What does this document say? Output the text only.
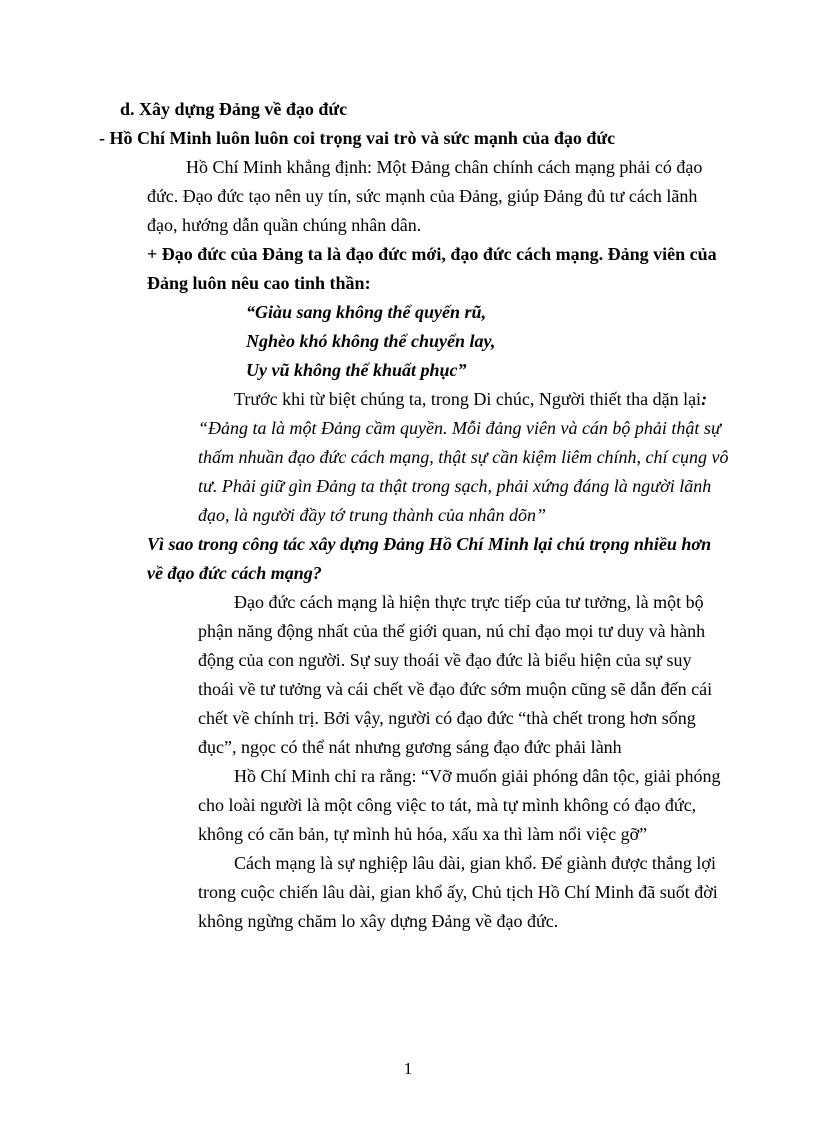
d. Xây dựng Đảng về đạo đức
- Hồ Chí Minh luôn luôn coi trọng vai trò và sức mạnh của đạo đức
Hồ Chí Minh khẳng định: Một Đảng chân chính cách mạng phải có đạo
đức. Đạo đức tạo nên uy tín, sức mạnh của Đảng, giúp Đảng đủ tư cách lãnh
đạo, hướng dẫn quần chúng nhân dân.
+ Đạo đức của Đảng ta là đạo đức mới, đạo đức cách mạng. Đảng viên của
Đảng luôn nêu cao tinh thần:
“Giàu sang không thể quyến rũ,
Nghèo khó không thể chuyển lay,
Uy vũ không thể khuất phục”
Trước khi từ biệt chúng ta, trong Di chúc, Người thiết tha dặn lại:
“Đảng ta là một Đảng cầm quyền. Mỗi đảng viên và cán bộ phải thật sự
thấm nhuần đạo đức cách mạng, thật sự cần kiệm liêm chính, chí cụng vô
tư. Phải giữ gìn Đảng ta thật trong sạch, phải xứng đáng là người lãnh
đạo, là người đầy tớ trung thành của nhân dõn”
Vì sao trong công tác xây dựng Đảng Hồ Chí Minh lại chú trọng nhiều hơn
về đạo đức cách mạng?
Đạo đức cách mạng là hiện thực trực tiếp của tư tưởng, là một bộ
phận năng động nhất của thế giới quan, nú chỉ đạo mọi tư duy và hành
động của con người. Sự suy thoái về đạo đức là biểu hiện của sự suy
thoái về tư tưởng và cái chết về đạo đức sớm muộn cũng sẽ dẫn đến cái
chết về chính trị. Bởi vậy, người có đạo đức “thà chết trong hơn sống
đục”, ngọc có thể nát nhưng gương sáng đạo đức phải lành
Hồ Chí Minh chỉ ra rằng: “Vỡ muốn giải phóng dân tộc, giải phóng
cho loài người là một công việc to tát, mà tự mình không có đạo đức,
không có căn bản, tự mình hủ hóa, xấu xa thì làm nổi việc gỡ”
Cách mạng là sự nghiệp lâu dài, gian khổ. Để giành được thắng lợi
trong cuộc chiến lâu dài, gian khổ ấy, Chủ tịch Hồ Chí Minh đã suốt đời
không ngừng chăm lo xây dựng Đảng về đạo đức.
1
